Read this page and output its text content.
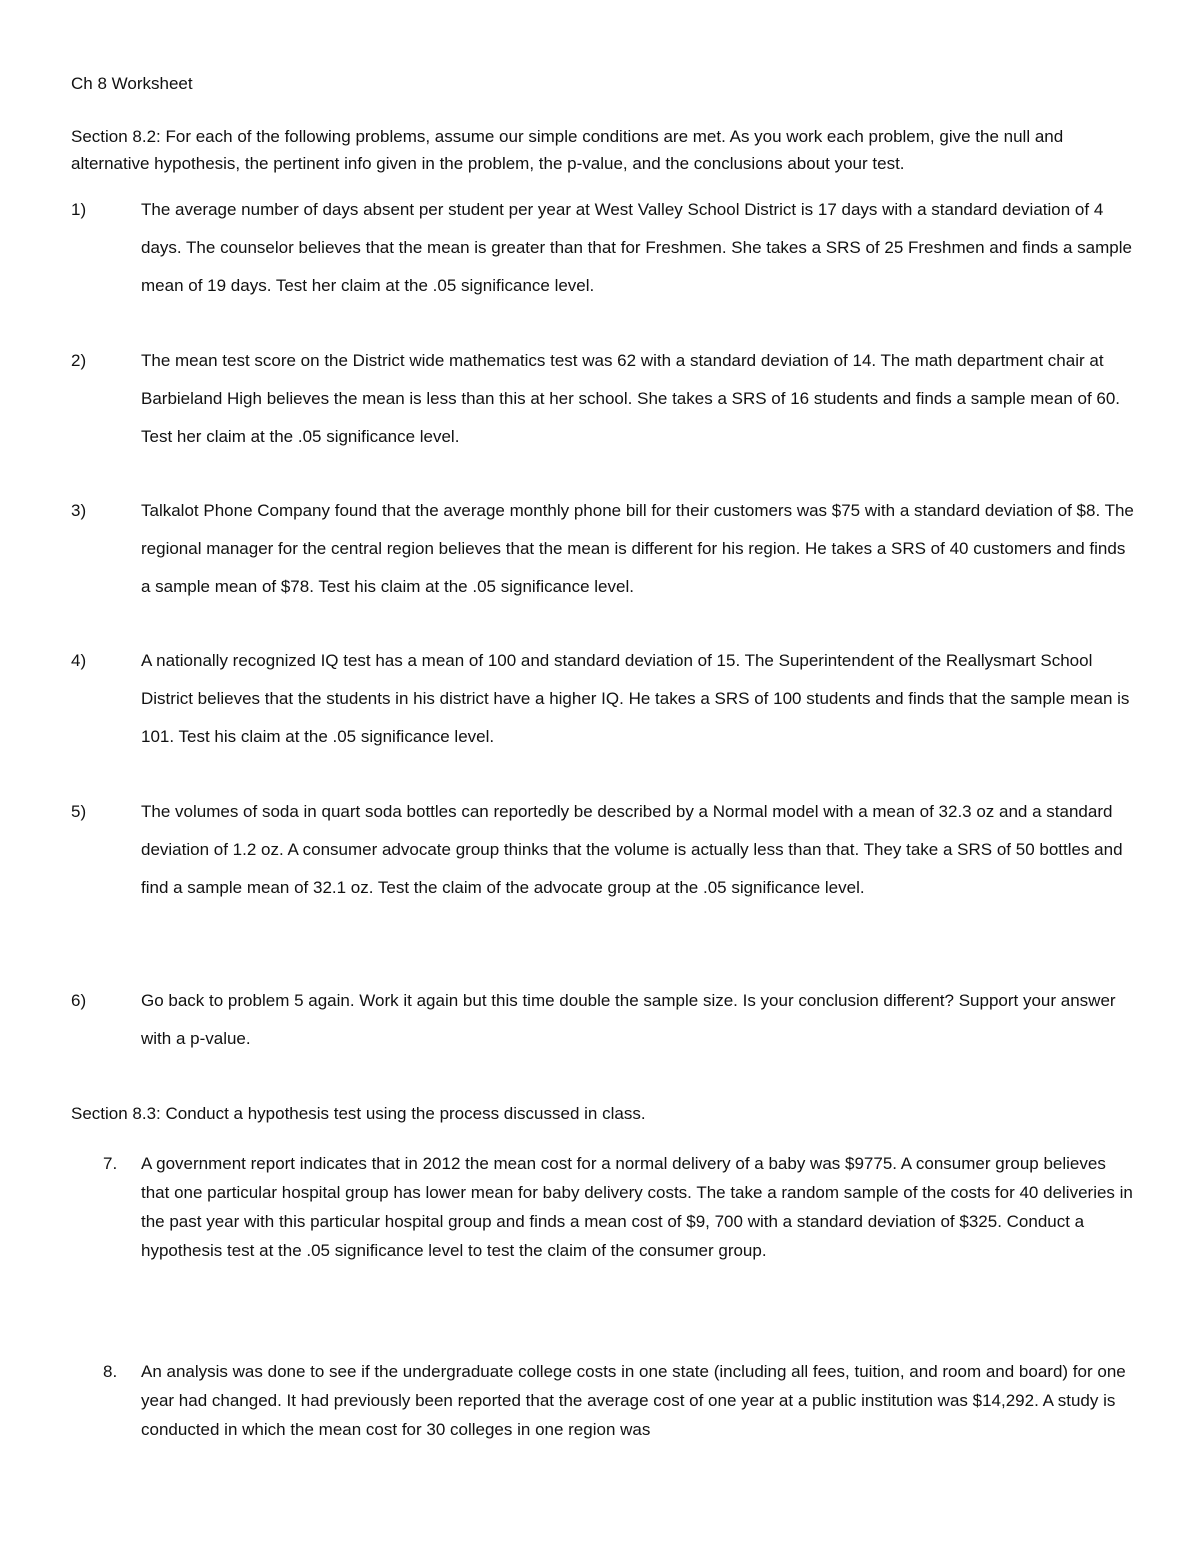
Ch 8 Worksheet
Section 8.2: For each of the following problems, assume our simple conditions are met. As you work each problem, give the null and alternative hypothesis, the pertinent info given in the problem, the p-value, and the conclusions about your test.
1)	The average number of days absent per student per year at West Valley School District is 17 days with a standard deviation of 4 days. The counselor believes that the mean is greater than that for Freshmen. She takes a SRS of 25 Freshmen and finds a sample mean of 19 days. Test her claim at the .05 significance level.
2)	The mean test score on the District wide mathematics test was 62 with a standard deviation of 14. The math department chair at Barbieland High believes the mean is less than this at her school. She takes a SRS of 16 students and finds a sample mean of 60. Test her claim at the .05 significance level.
3)	Talkalot Phone Company found that the average monthly phone bill for their customers was $75 with a standard deviation of $8. The regional manager for the central region believes that the mean is different for his region. He takes a SRS of 40 customers and finds a sample mean of $78. Test his claim at the .05 significance level.
4)	A nationally recognized IQ test has a mean of 100 and standard deviation of 15. The Superintendent of the Reallysmart School District believes that the students in his district have a higher IQ. He takes a SRS of 100 students and finds that the sample mean is 101. Test his claim at the .05 significance level.
5)	The volumes of soda in quart soda bottles can reportedly be described by a Normal model with a mean of 32.3 oz and a standard deviation of 1.2 oz. A consumer advocate group thinks that the volume is actually less than that. They take a SRS of 50 bottles and find a sample mean of 32.1 oz. Test the claim of the advocate group at the .05 significance level.
6)	Go back to problem 5 again. Work it again but this time double the sample size. Is your conclusion different? Support your answer with a p-value.
Section 8.3: Conduct a hypothesis test using the process discussed in class.
7. A government report indicates that in 2012 the mean cost for a normal delivery of a baby was $9775. A consumer group believes that one particular hospital group has lower mean for baby delivery costs. The take a random sample of the costs for 40 deliveries in the past year with this particular hospital group and finds a mean cost of $9, 700 with a standard deviation of $325. Conduct a hypothesis test at the .05 significance level to test the claim of the consumer group.
8. An analysis was done to see if the undergraduate college costs in one state (including all fees, tuition, and room and board) for one year had changed. It had previously been reported that the average cost of one year at a public institution was $14,292. A study is conducted in which the mean cost for 30 colleges in one region was
